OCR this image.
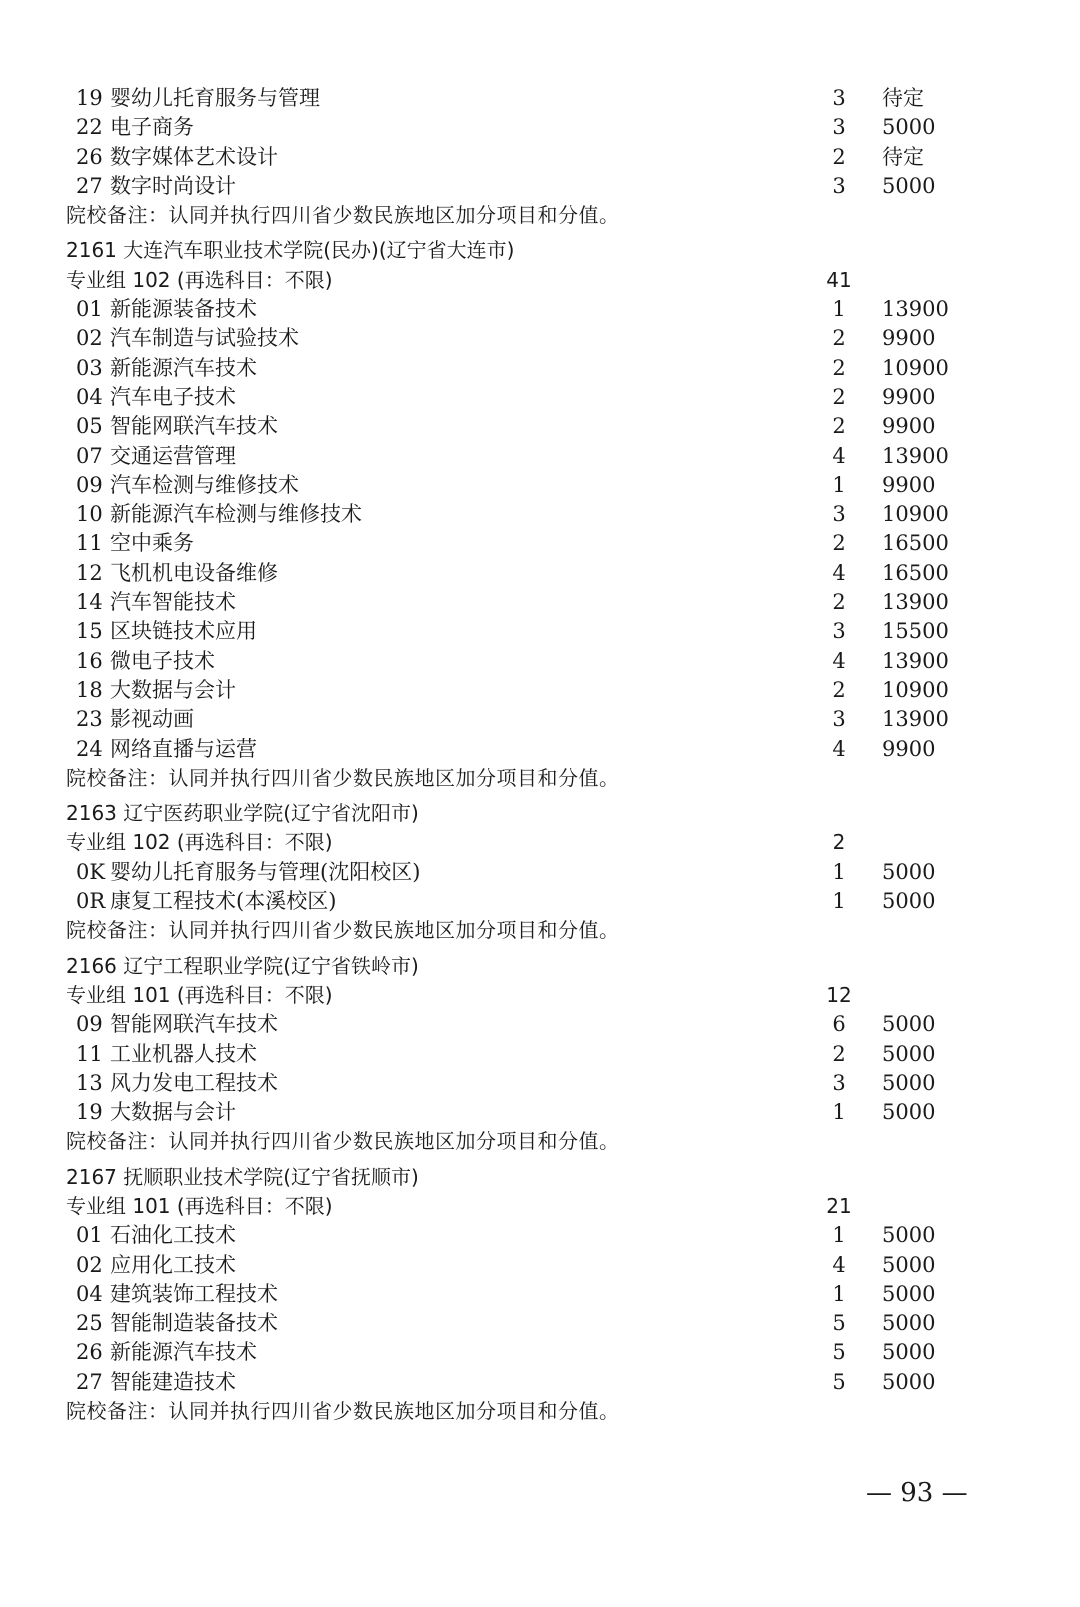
19 婴幼儿托育服务与管理	3 待定
22 电子商务	3 5000
26 数字媒体艺术设计	2 待定
27 数字时尚设计	3 5000
院校备注：认同并执行四川省少数民族地区加分项目和分值。
2161 大连汽车职业技术学院(民办)(辽宁省大连市)
专业组 102 (再选科目：不限)	41
01 新能源装备技术	1 13900
02 汽车制造与试验技术	2 9900
03 新能源汽车技术	2 10900
04 汽车电子技术	2 9900
05 智能网联汽车技术	2 9900
07 交通运营管理	4 13900
09 汽车检测与维修技术	1 9900
10 新能源汽车检测与维修技术	3 10900
11 空中乘务	2 16500
12 飞机机电设备维修	4 16500
14 汽车智能技术	2 13900
15 区块链技术应用	3 15500
16 微电子技术	4 13900
18 大数据与会计	2 10900
23 影视动画	3 13900
24 网络直播与运营	4 9900
院校备注：认同并执行四川省少数民族地区加分项目和分值。
2163 辽宁医药职业学院(辽宁省沈阳市)
专业组 102 (再选科目：不限)	2
0K 婴幼儿托育服务与管理(沈阳校区)	1 5000
0R 康复工程技术(本溪校区)	1 5000
院校备注：认同并执行四川省少数民族地区加分项目和分值。
2166 辽宁工程职业学院(辽宁省铁岭市)
专业组 101 (再选科目：不限)	12
09 智能网联汽车技术	6 5000
11 工业机器人技术	2 5000
13 风力发电工程技术	3 5000
19 大数据与会计	1 5000
院校备注：认同并执行四川省少数民族地区加分项目和分值。
2167 抚顺职业技术学院(辽宁省抚顺市)
专业组 101 (再选科目：不限)	21
01 石油化工技术	1 5000
02 应用化工技术	4 5000
04 建筑装饰工程技术	1 5000
25 智能制造装备技术	5 5000
26 新能源汽车技术	5 5000
27 智能建造技术	5 5000
院校备注：认同并执行四川省少数民族地区加分项目和分值。
— 93 —
